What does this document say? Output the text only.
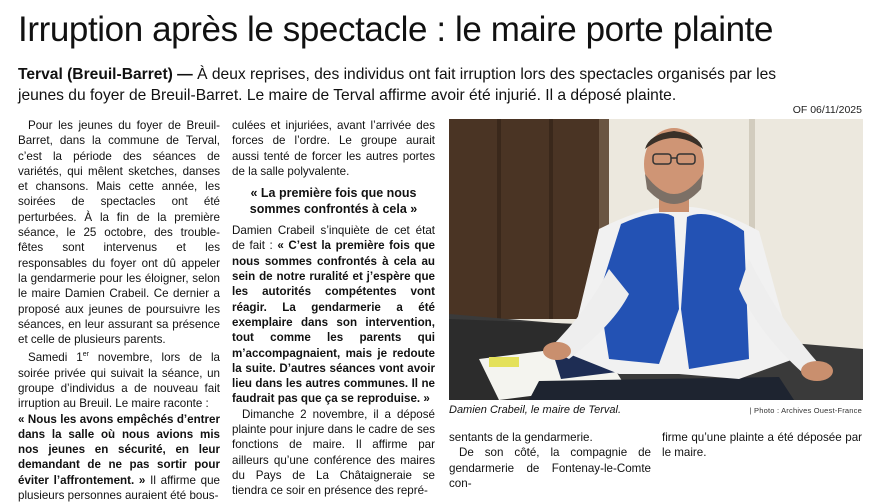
Irruption après le spectacle : le maire porte plainte
Terval (Breuil-Barret) — À deux reprises, des individus ont fait irruption lors des spectacles organisés par les jeunes du foyer de Breuil-Barret. Le maire de Terval affirme avoir été injurié. Il a déposé plainte.
OF 06/11/2025

Pour les jeunes du foyer de Breuil-Barret, dans la commune de Terval, c’est la période des séances de variétés, qui mêlent sketches, danses et chansons. Mais cette année, les soirées de spectacles ont été perturbées. À la fin de la première séance, le 25 octobre, des trouble-fêtes sont intervenus et les responsables du foyer ont dû appeler la gendarmerie pour les éloigner, selon le maire Damien Crabeil. Ce dernier a proposé aux jeunes de poursuivre les séances, en leur assurant sa présence et celle de plusieurs parents.

Samedi 1er novembre, lors de la soirée privée qui suivait la séance, un groupe d’individus a de nouveau fait irruption au Breuil. Le maire raconte :
« Nous les avons empêchés d’entrer dans la salle où nous avions mis nos jeunes en sécurité, en leur demandant de ne pas sortir pour éviter l’affrontement. » Il affirme que plusieurs personnes auraient été bous-

culées et injuriées, avant l’arrivée des forces de l’ordre. Le groupe aurait aussi tenté de forcer les autres portes de la salle polyvalente.

« La première fois que nous sommes confrontés à cela »

Damien Crabeil s’inquiète de cet état de fait : « C’est la première fois que nous sommes confrontés à cela au sein de notre ruralité et j’espère que les autorités compétentes vont réagir. La gendarmerie a été exemplaire dans son intervention, tout comme les parents qui m’accompagnaient, mais je redoute la suite. D’autres séances vont avoir lieu dans les autres communes. Il ne faudrait pas que ça se reproduise. »

Dimanche 2 novembre, il a déposé plainte pour injure dans le cadre de ses fonctions de maire. Il affirme par ailleurs qu’une conférence des maires du Pays de La Châtaigneraie se tiendra ce soir en présence des repré-

Damien Crabeil, le maire de Terval.	| Photo : Archives Ouest-France

sentants de la gendarmerie.

De son côté, la compagnie de gendarmerie de Fontenay-le-Comte con-

firme qu’une plainte a été déposée par le maire.
